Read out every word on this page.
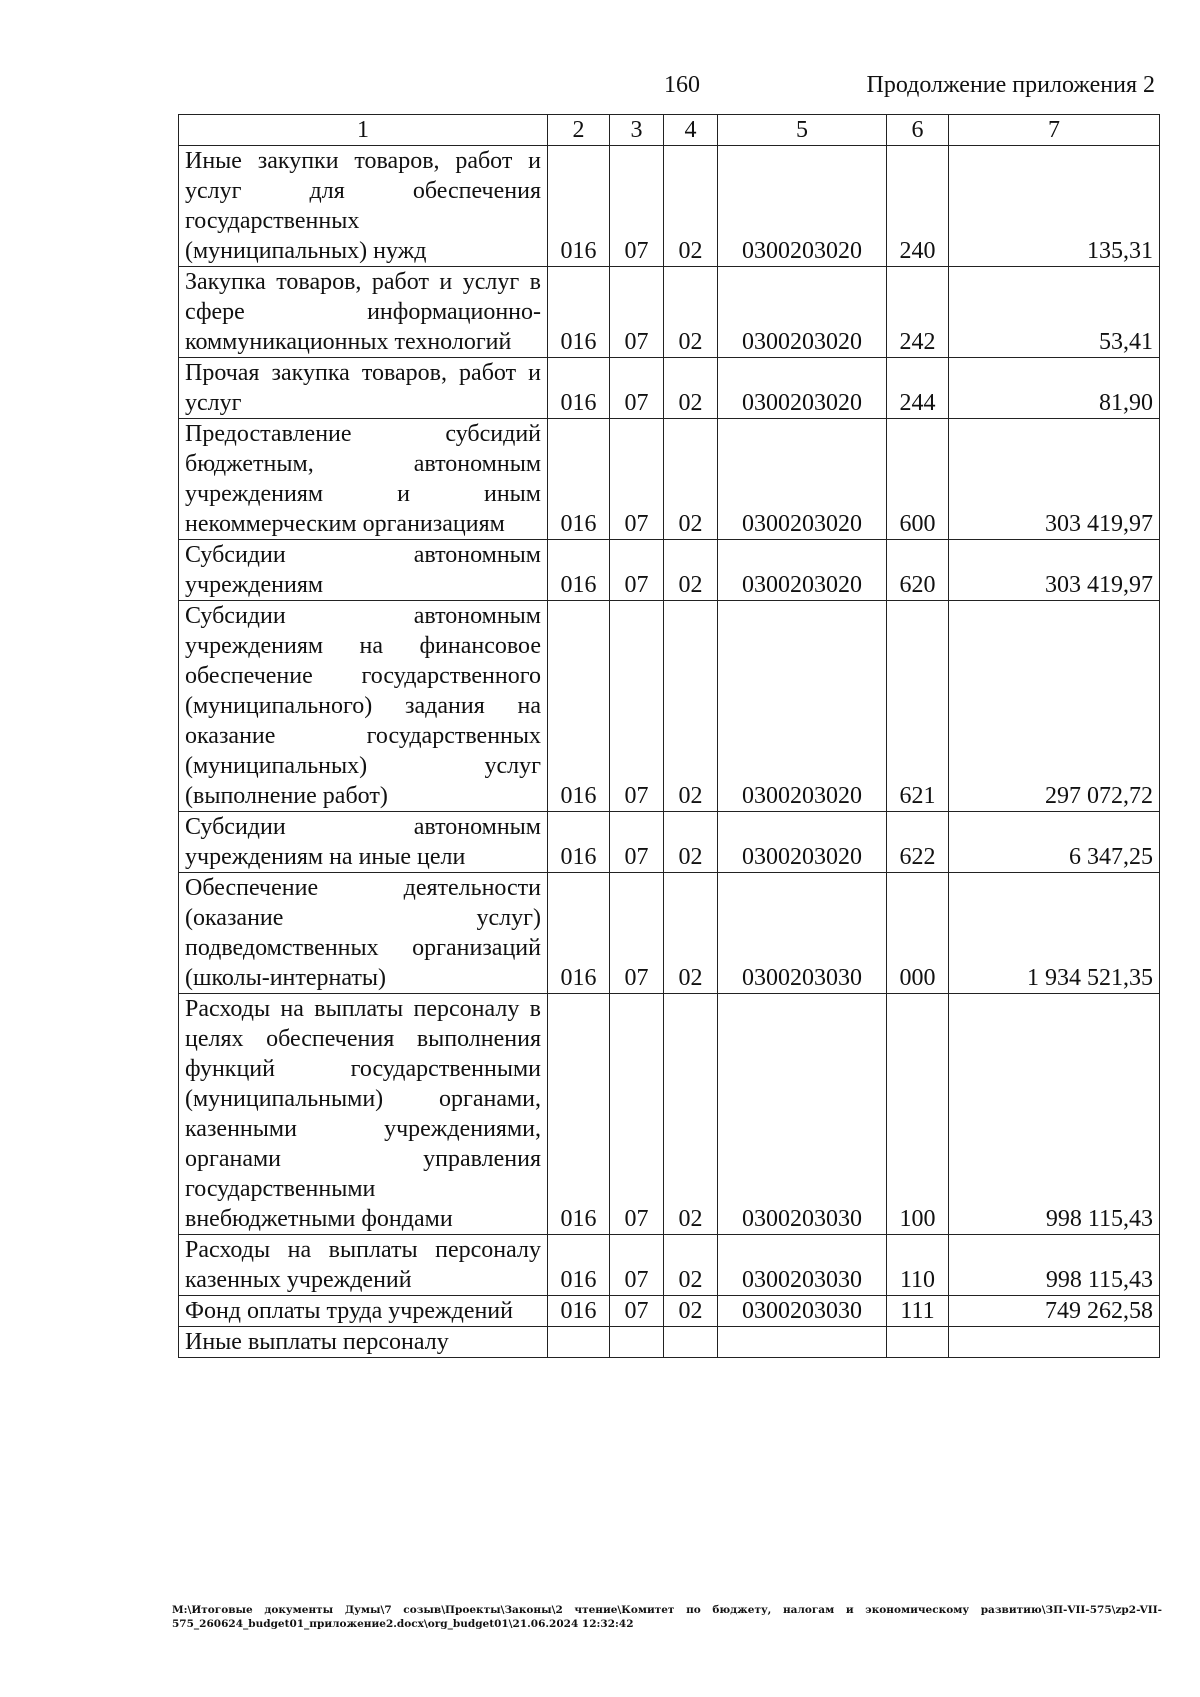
160	Продолжение приложения 2
1	2	3	4	5	6	7
Иные закупки товаров, работ и услуг для обеспечения государственных (муниципальных) нужд	016	07	02	0300203020	240	135,31
Закупка товаров, работ и услуг в сфере информационно-коммуникационных технологий	016	07	02	0300203020	242	53,41
Прочая закупка товаров, работ и услуг	016	07	02	0300203020	244	81,90
Предоставление субсидий бюджетным, автономным учреждениям и иным некоммерческим организациям	016	07	02	0300203020	600	303 419,97
Субсидии автономным учреждениям	016	07	02	0300203020	620	303 419,97
Субсидии автономным учреждениям на финансовое обеспечение государственного (муниципального) задания на оказание государственных (муниципальных) услуг (выполнение работ)	016	07	02	0300203020	621	297 072,72
Субсидии автономным учреждениям на иные цели	016	07	02	0300203020	622	6 347,25
Обеспечение деятельности (оказание услуг) подведомственных организаций (школы-интернаты)	016	07	02	0300203030	000	1 934 521,35
Расходы на выплаты персоналу в целях обеспечения выполнения функций государственными (муниципальными) органами, казенными учреждениями, органами управления государственными внебюджетными фондами	016	07	02	0300203030	100	998 115,43
Расходы на выплаты персоналу казенных учреждений	016	07	02	0300203030	110	998 115,43
Фонд оплаты труда учреждений	016	07	02	0300203030	111	749 262,58
Иные выплаты персоналу						
M:\Итоговые документы Думы\7 созыв\Проекты\Законы\2 чтение\Комитет по бюджету, налогам и экономическому развитию\ЗП-VII-575\zp2-VII-575_260624_budget01_приложение2.docx\org_budget01\21.06.2024 12:32:42
